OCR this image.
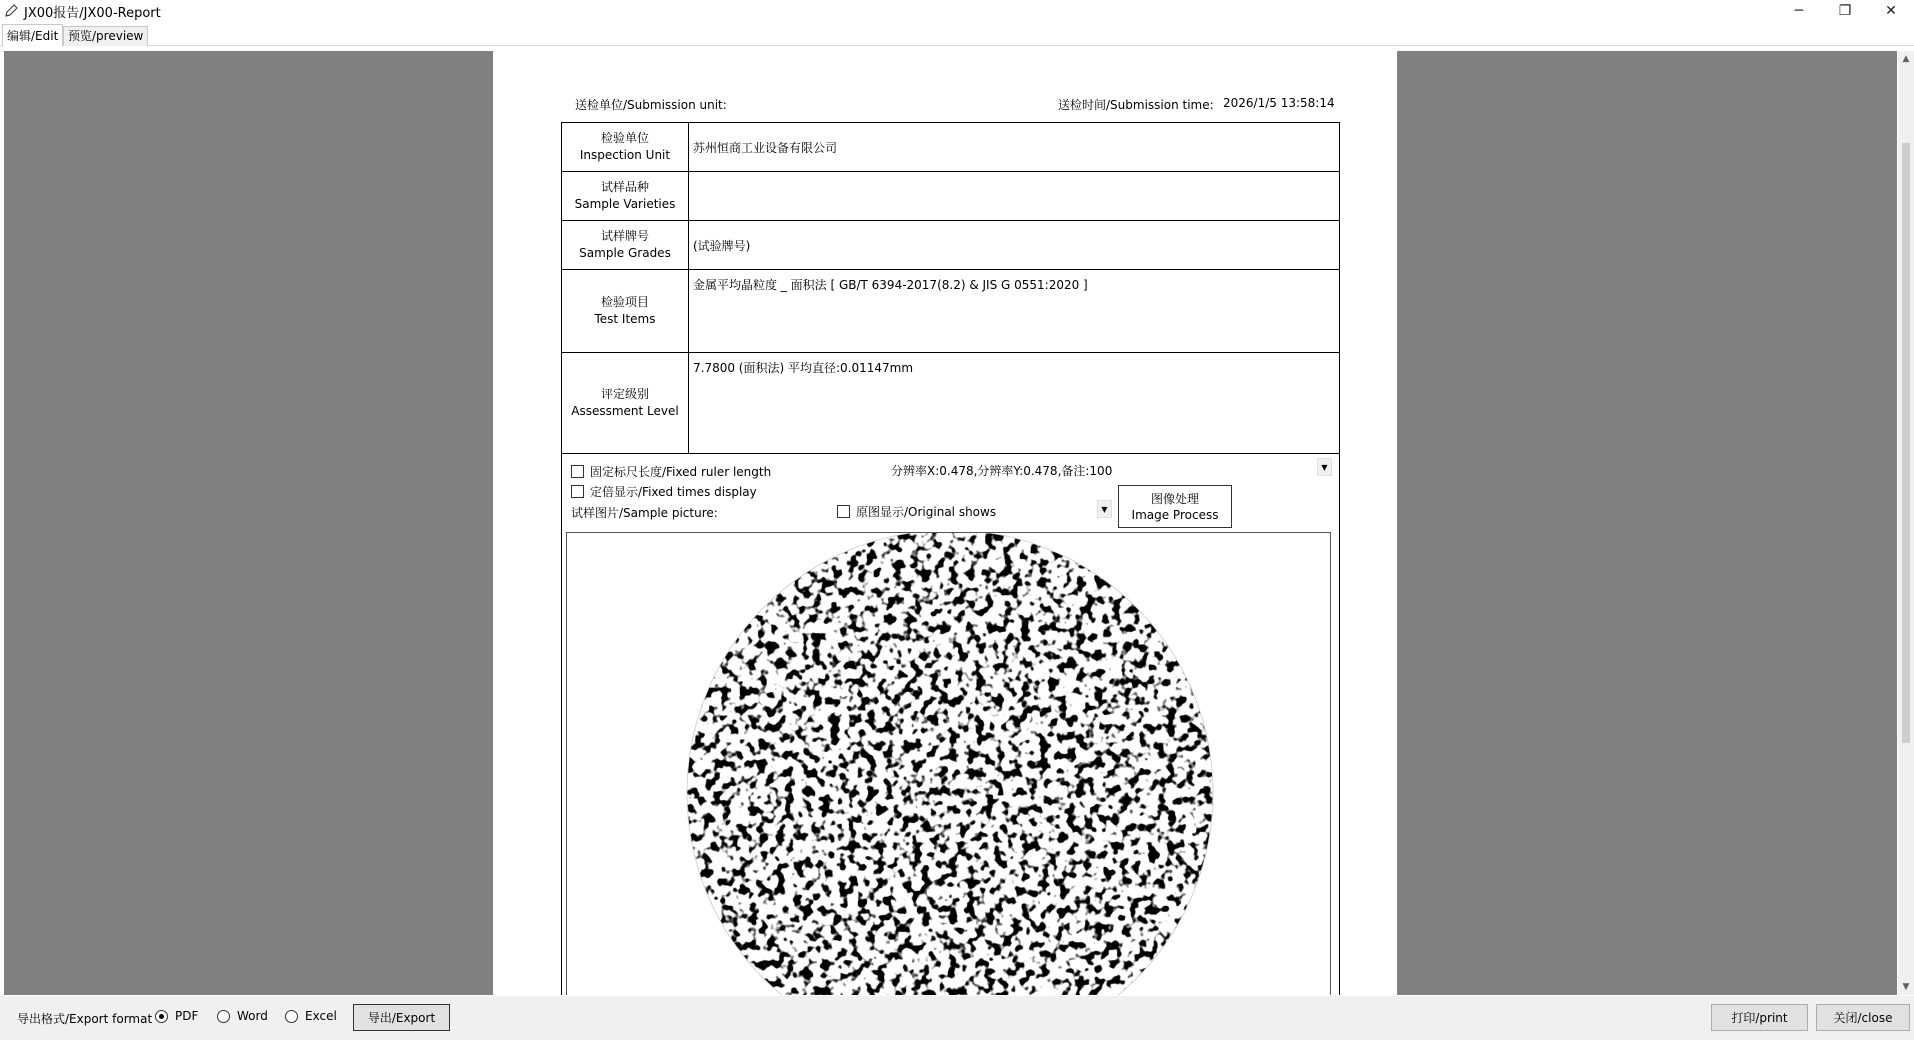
JX00报告/JX00-Report	─	❐	✕
编辑/Edit 预览/preview
送检单位/Submission unit:	送检时间/Submission time: 2026/1/5 13:58:14
检验单位
Inspection Unit	苏州恒商工业设备有限公司

试样品种
Sample Varieties	

试样牌号
Sample Grades	(试验牌号)

检验项目
Test Items	金属平均晶粒度 _ 面积法 [ GB/T 6394-2017(8.2) & JIS G 0551:2020 ]

评定级别
Assessment Level	7.7800 (面积法) 平均直径:0.01147mm
固定标尺长度/Fixed ruler length
定倍显示/Fixed times display
分辨率X:0.478,分辨率Y:0.478,备注:100	▼
试样图片/Sample picture:	原图显示/Original shows	▼
图像处理
Image Process
▲
▼
导出格式/Export format PDF	Word	Excel	导出/Export	打印/print	关闭/close
